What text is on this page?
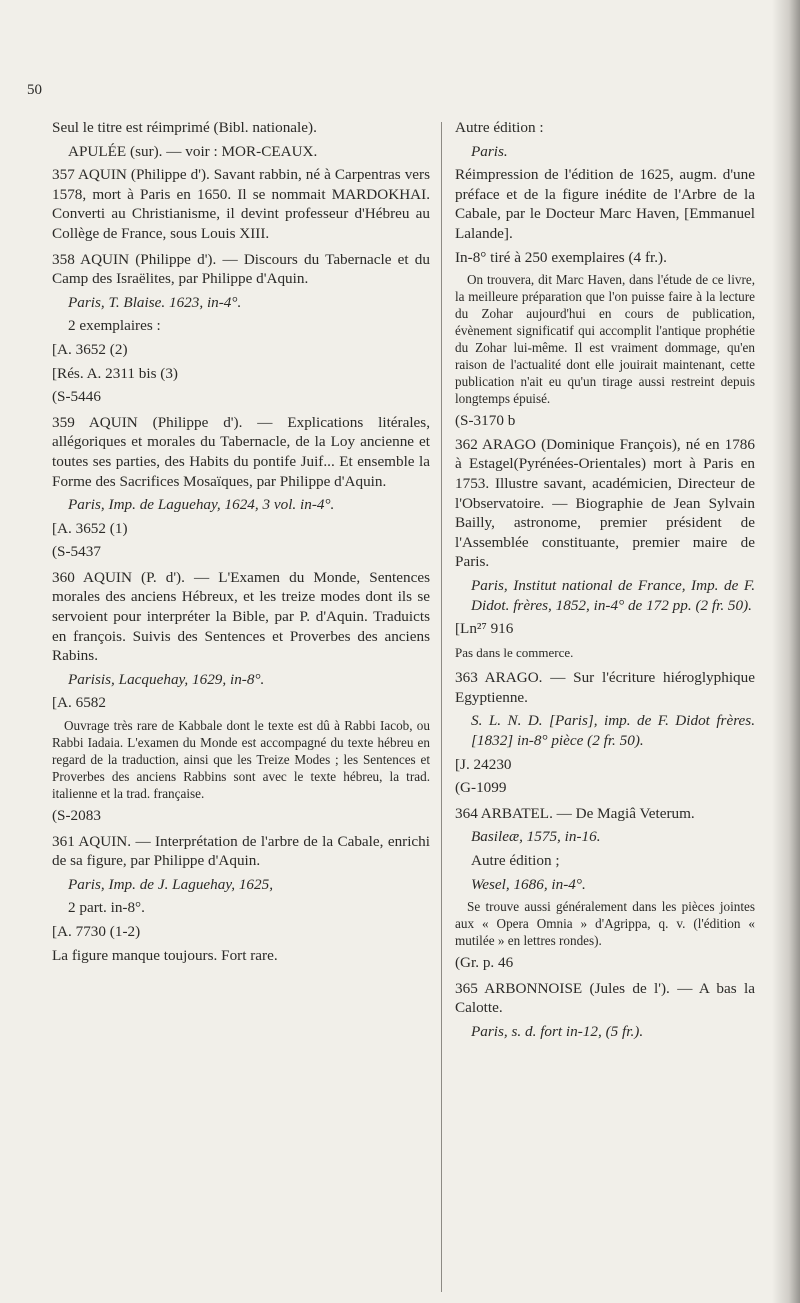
50

Seul le titre est réimprimé (Bibl. nationale).

APULÉE (sur). — voir : MOR-CEAUX.

357 AQUIN (Philippe d'). Savant rabbin, né à Carpentras vers 1578, mort à Paris en 1650. Il se nommait MARDOKHAI. Converti au Christianisme, il devint professeur d'Hébreu au Collège de France, sous Louis XIII.

358 AQUIN (Philippe d'). — Discours du Tabernacle et du Camp des Israëlites, par Philippe d'Aquin.

Paris, T. Blaise. 1623, in-4°.

2 exemplaires :

[A. 3652 (2)

[Rés. A. 2311 bis (3)

(S-5446

359 AQUIN (Philippe d'). — Explications litérales, allégoriques et morales du Tabernacle, de la Loy ancienne et toutes ses parties, des Habits du pontife Juif... Et ensemble la Forme des Sacrifices Mosaïques, par Philippe d'Aquin.

Paris, Imp. de Laguehay, 1624, 3 vol. in-4°.

[A. 3652 (1)

(S-5437

360 AQUIN (P. d'). — L'Examen du Monde, Sentences morales des anciens Hébreux, et les treize modes dont ils se servoient pour interpréter la Bible, par P. d'Aquin. Traduicts en françois. Suivis des Sentences et Proverbes des anciens Rabins.

Parisis, Lacquehay, 1629, in-8°.

[A. 6582

Ouvrage très rare de Kabbale dont le texte est dû à Rabbi Iacob, ou Rabbi Iadaia. L'examen du Monde est accompagné du texte hébreu en regard de la traduction, ainsi que les Treize Modes ; les Sentences et Proverbes des anciens Rabbins sont avec le texte hébreu, la trad. italienne et la trad. française.

(S-2083

361 AQUIN. — Interprétation de l'arbre de la Cabale, enrichi de sa figure, par Philippe d'Aquin.

Paris, Imp. de J. Laguehay, 1625,

2 part. in-8°.

[A. 7730 (1-2)

La figure manque toujours. Fort rare.

Autre édition :

Paris.

Réimpression de l'édition de 1625, augm. d'une préface et de la figure inédite de l'Arbre de la Cabale, par le Docteur Marc Haven, [Emmanuel Lalande].

In-8° tiré à 250 exemplaires (4 fr.).

On trouvera, dit Marc Haven, dans l'étude de ce livre, la meilleure préparation que l'on puisse faire à la lecture du Zohar aujourd'hui en cours de publication, évènement significatif qui accomplit l'antique prophétie du Zohar lui-même. Il est vraiment dommage, qu'en raison de l'actualité dont elle jouirait maintenant, cette publication n'ait eu qu'un tirage aussi restreint depuis longtemps épuisé.

(S-3170 b

362 ARAGO (Dominique François), né en 1786 à Estagel(Pyrénées-Orientales) mort à Paris en 1753. Illustre savant, académicien, Directeur de l'Observatoire. — Biographie de Jean Sylvain Bailly, astronome, premier président de l'Assemblée constituante, premier maire de Paris.

Paris, Institut national de France, Imp. de F. Didot. frères, 1852, in-4° de 172 pp. (2 fr. 50).

[Ln²⁷ 916

Pas dans le commerce.

363 ARAGO. — Sur l'écriture hiéroglyphique Egyptienne.

S. L. N. D. [Paris], imp. de F. Didot frères. [1832] in-8° pièce (2 fr. 50).

[J. 24230

(G-1099

364 ARBATEL. — De Magiâ Veterum.

Basileæ, 1575, in-16.

Autre édition ;

Wesel, 1686, in-4°.

Se trouve aussi généralement dans les pièces jointes aux « Opera Omnia » d'Agrippa, q. v. (l'édition « mutilée » en lettres rondes).

(Gr. p. 46

365 ARBONNOISE (Jules de l'). — A bas la Calotte.

Paris, s. d. fort in-12, (5 fr.).
